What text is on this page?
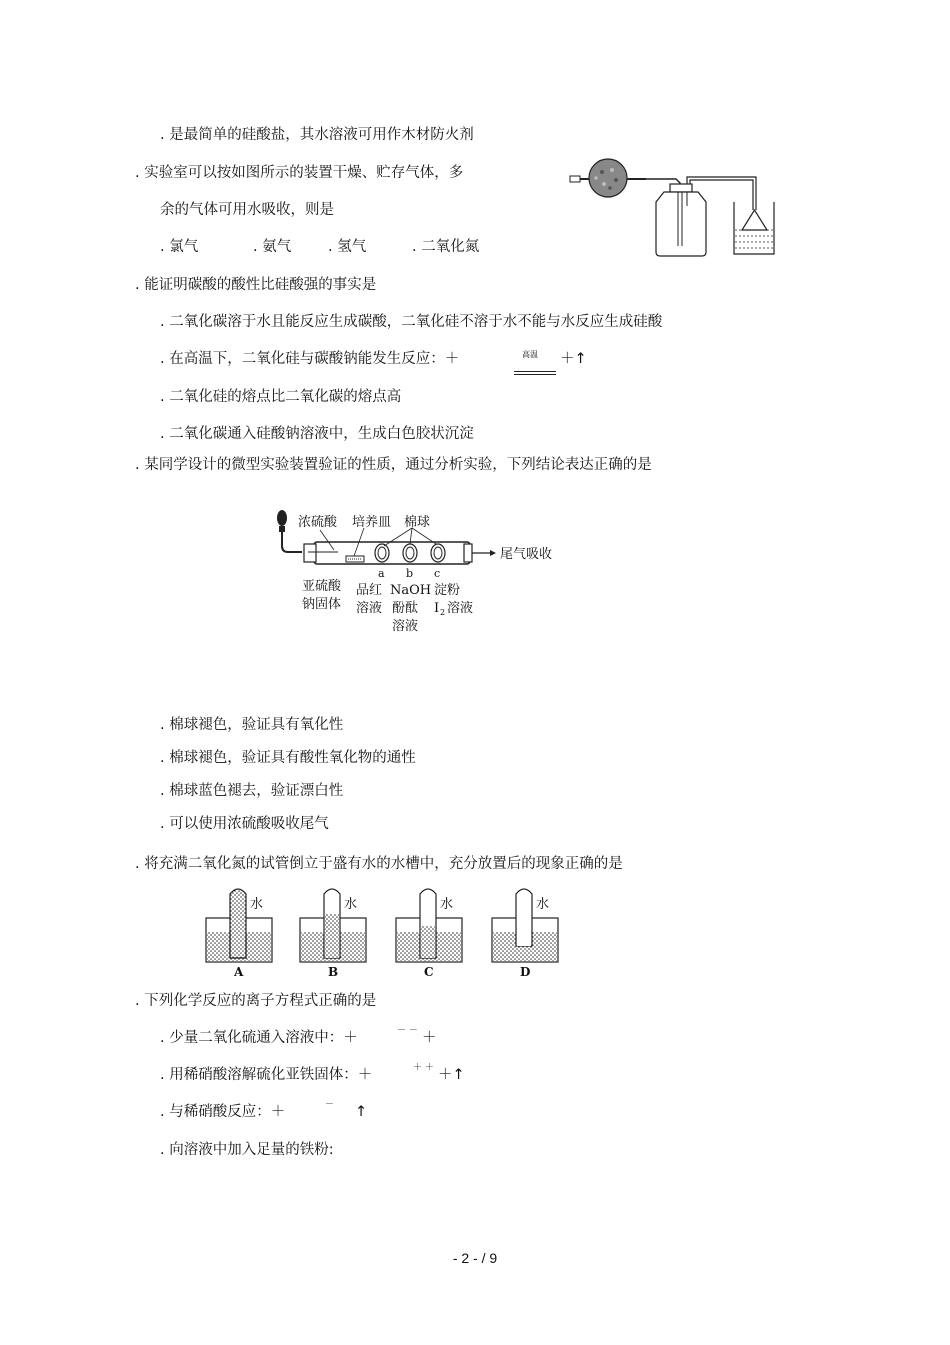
. 是最简单的硅酸盐，其水溶液可用作木材防火剂
. 实验室可以按如图所示的装置干燥、贮存气体，多
余的气体可用水吸收，则是
. 氯气	. 氨气	. 氢气	. 二氧化氮
. 能证明碳酸的酸性比硅酸强的事实是
. 二氧化碳溶于水且能反应生成碳酸，二氧化硅不溶于水不能与水反应生成硅酸
. 在高温下，二氧化硅与碳酸钠能发生反应：＋	高温 ＋↑
. 二氧化硅的熔点比二氧化碳的熔点高
. 二氧化碳通入硅酸钠溶液中，生成白色胶状沉淀
. 某同学设计的微型实验装置验证的性质，通过分析实验，下列结论表达正确的是
. 棉球褪色，验证具有氧化性
. 棉球褪色，验证具有酸性氧化物的通性
. 棉球蓝色褪去，验证漂白性
. 可以使用浓硫酸吸收尾气
. 将充满二氧化氮的试管倒立于盛有水的水槽中，充分放置后的现象正确的是
. 下列化学反应的离子方程式正确的是
. 少量二氧化硫通入溶液中：＋	－ － ＋
. 用稀硝酸溶解硫化亚铁固体：＋	＋ ＋ ＋↑
. 与稀硝酸反应：＋	－ ↑
. 向溶液中加入足量的铁粉:
浓硫酸 培养皿 棉球
尾气吸收
a b c
亚硫酸
钠固体
品红
溶液
NaOH
酚酞
溶液
淀粉
I 2 溶液
水	水	水	水
A	B	C	D
- 2 - / 9
